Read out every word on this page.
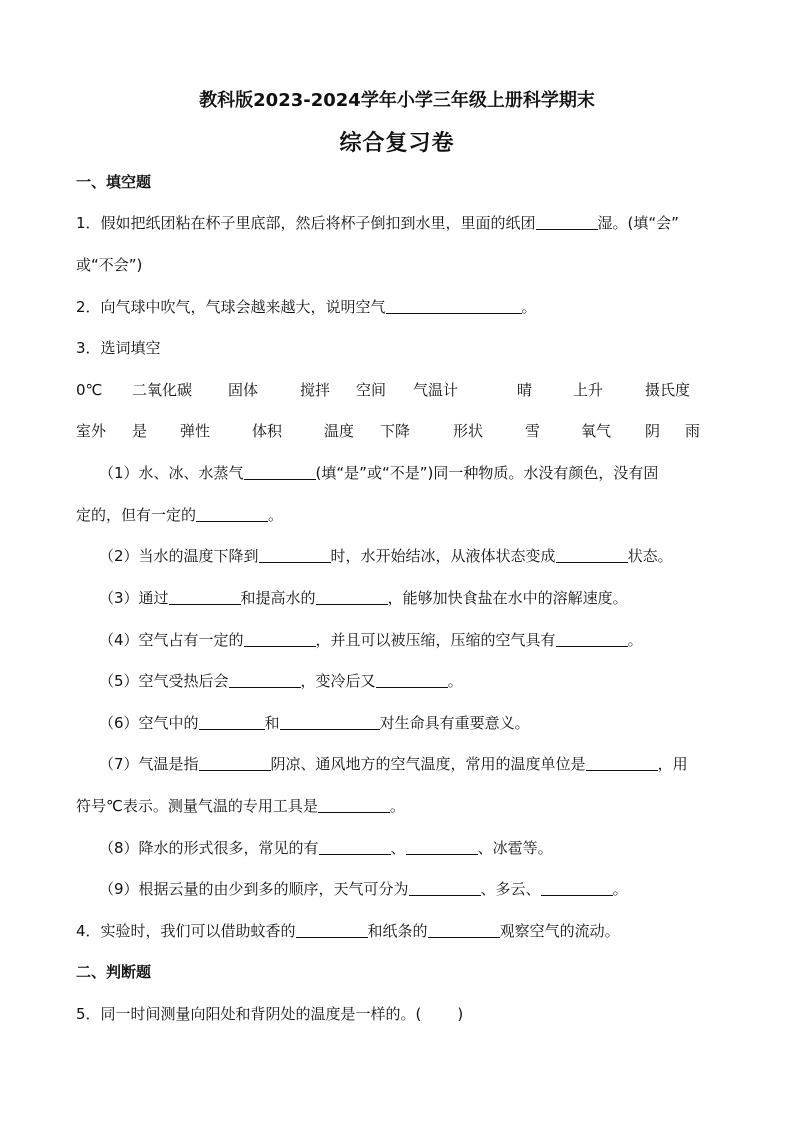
教科版2023-2024学年小学三年级上册科学期末
综合复习卷
一、填空题
1．假如把纸团粘在杯子里底部，然后将杯子倒扣到水里，里面的纸团	湿。(填“会”
或“不会”)
2．向气球中吹气，气球会越来越大，说明空气	。
3．选词填空
0℃ 二氧化碳 固体	搅拌 空间 气温计	晴	上升	摄氏度
室外 是 弹性	体积	温度 下降	形状	雪	氧气 阴 雨
（1）水、冰、水蒸气	(填“是”或“不是”)同一种物质。水没有颜色，没有固
定的，但有一定的	。
（2）当水的温度下降到	时，水开始结冰，从液体状态变成	状态。
（3）通过	和提高水的	，能够加快食盐在水中的溶解速度。
（4）空气占有一定的	，并且可以被压缩，压缩的空气具有	。
（5）空气受热后会	，变冷后又	。
（6）空气中的	和	对生命具有重要意义。
（7）气温是指	阴凉、通风地方的空气温度，常用的温度单位是	，用
符号℃表示。测量气温的专用工具是	。
（8）降水的形式很多，常见的有	、	、冰雹等。
（9）根据云量的由少到多的顺序，天气可分为	、多云、	。
4．实验时，我们可以借助蚊香的	和纸条的	观察空气的流动。
二、判断题
5．同一时间测量向阳处和背阴处的温度是一样的。( )
